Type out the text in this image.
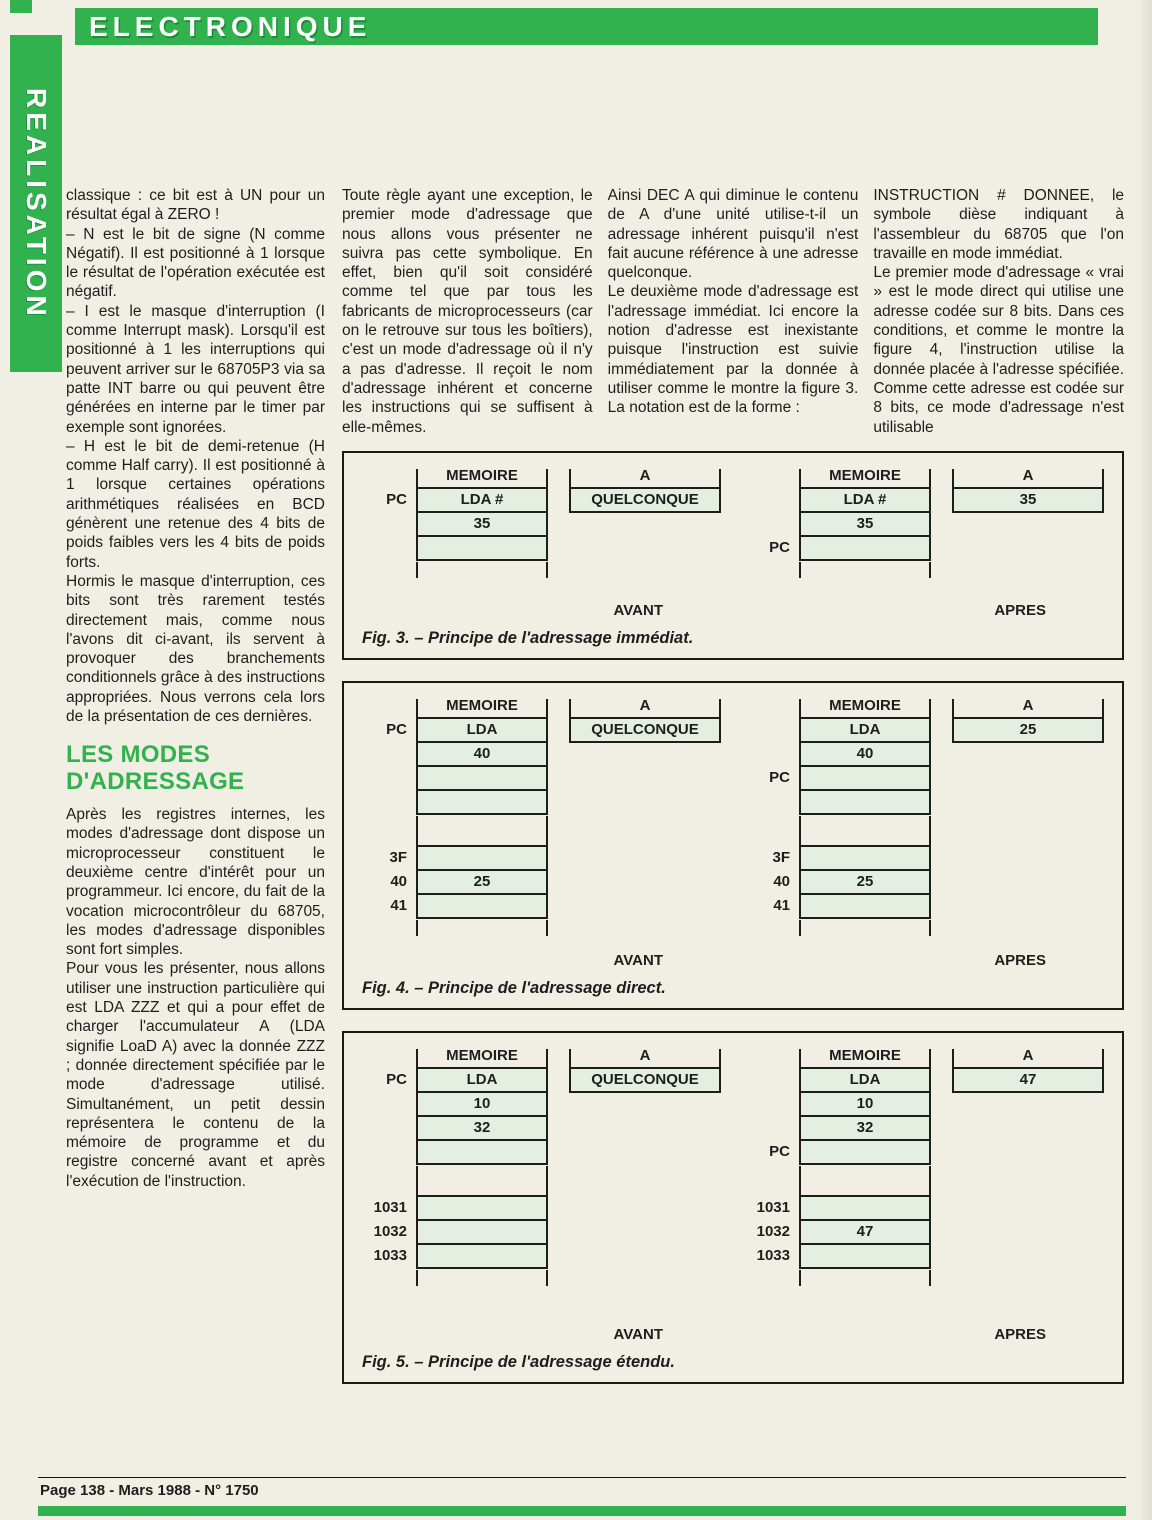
ELECTRONIQUE
REALISATION classique : ce bit est à UN pour un résultat égal à ZERO !

– N est le bit de signe (N comme Négatif). Il est positionné à 1 lorsque le résultat de l'opération exécutée est négatif.

– I est le masque d'interruption (I comme Interrupt mask). Lorsqu'il est positionné à 1 les interruptions qui peuvent arriver sur le 68705P3 via sa patte INT barre ou qui peuvent être générées en interne par le timer par exemple sont ignorées.

– H est le bit de demi-retenue (H comme Half carry). Il est positionné à 1 lorsque certaines opérations arithmétiques réalisées en BCD génèrent une retenue des 4 bits de poids faibles vers les 4 bits de poids forts.

Hormis le masque d'interruption, ces bits sont très rarement testés directement mais, comme nous l'avons dit ci-avant, ils servent à provoquer des branchements conditionnels grâce à des instructions appropriées. Nous verrons cela lors de la présentation de ces dernières.

LES MODES D'ADRESSAGE

Après les registres internes, les modes d'adressage dont dispose un microprocesseur constituent le deuxième centre d'intérêt pour un programmeur. Ici encore, du fait de la vocation microcontrôleur du 68705, les modes d'adressage disponibles sont fort simples.

Pour vous les présenter, nous allons utiliser une instruction particulière qui est LDA ZZZ et qui a pour effet de charger l'accumulateur A (LDA signifie LoaD A) avec la donnée ZZZ ; donnée directement spécifiée par le mode d'adressage utilisé. Simultanément, un petit dessin représentera le contenu de la mémoire de programme et du registre concerné avant et après l'exécution de l'instruction.

Toute règle ayant une exception, le premier mode d'adressage que nous allons vous présenter ne suivra pas cette symbolique. En effet, bien qu'il soit considéré comme tel que par tous les fabricants de microprocesseurs (car on le retrouve sur tous les boîtiers), c'est un mode d'adressage où il n'y a pas d'adresse. Il reçoit le nom d'adressage inhérent et concerne les instructions qui se suffisent à elle-mêmes.

Ainsi DEC A qui diminue le contenu de A d'une unité utilise-t-il un adressage inhérent puisqu'il n'est fait aucune référence à une adresse quelconque.

Le deuxième mode d'adressage est l'adressage immédiat. Ici encore la notion d'adresse est inexistante puisque l'instruction est suivie immédiatement par la donnée à utiliser comme le montre la figure 3. La notation est de la forme :

INSTRUCTION # DONNEE, le symbole dièse indiquant à l'assembleur du 68705 que l'on travaille en mode immédiat.

Le premier mode d'adressage « vrai » est le mode direct qui utilise une adresse codée sur 8 bits. Dans ces conditions, et comme le montre la figure 4, l'instruction utilise la donnée placée à l'adresse spécifiée. Comme cette adresse est codée sur 8 bits, ce mode d'adressage n'est utilisable

MEMOIRE
PC	LDA #
35
A
QUELCONQUE
AVANT
MEMOIRE
LDA #
35
PC
A
35
APRES
Fig. 3. – Principe de l'adressage immédiat.
MEMOIRE
PC	LDA
40
3F
40	25
41
A
QUELCONQUE
AVANT
MEMOIRE
LDA
40
PC
3F
40	25
41
A
25
APRES
Fig. 4. – Principe de l'adressage direct.
MEMOIRE
PC	LDA
10
32
1031
1032
1033
A
QUELCONQUE
AVANT
MEMOIRE
LDA
10
32
PC
1031
1032	47
1033
A
47
APRES
Fig. 5. – Principe de l'adressage étendu.
Page 138 - Mars 1988 - N° 1750
